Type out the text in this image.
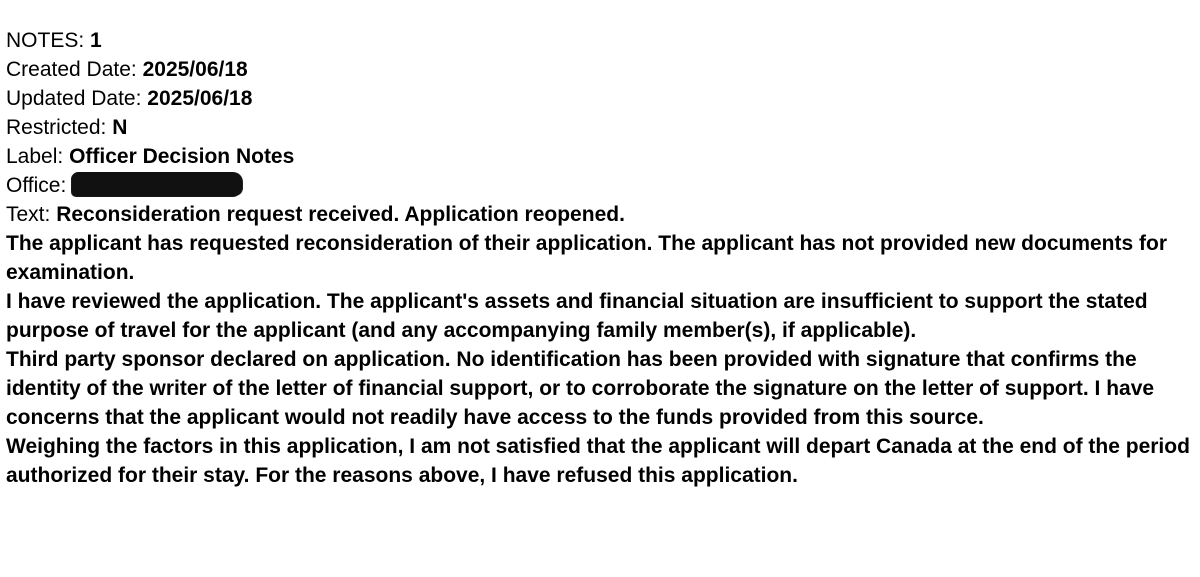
NOTES: 1

Created Date: 2025/06/18

Updated Date: 2025/06/18

Restricted: N

Label: Officer Decision Notes

Office:

Text: Reconsideration request received. Application reopened.

The applicant has requested reconsideration of their application. The applicant has not provided new documents for examination.

I have reviewed the application. The applicant's assets and financial situation are insufficient to support the stated purpose of travel for the applicant (and any accompanying family member(s), if applicable).

Third party sponsor declared on application. No identification has been provided with signature that confirms the identity of the writer of the letter of financial support, or to corroborate the signature on the letter of support. I have concerns that the applicant would not readily have access to the funds provided from this source.

Weighing the factors in this application, I am not satisfied that the applicant will depart Canada at the end of the period authorized for their stay. For the reasons above, I have refused this application.
